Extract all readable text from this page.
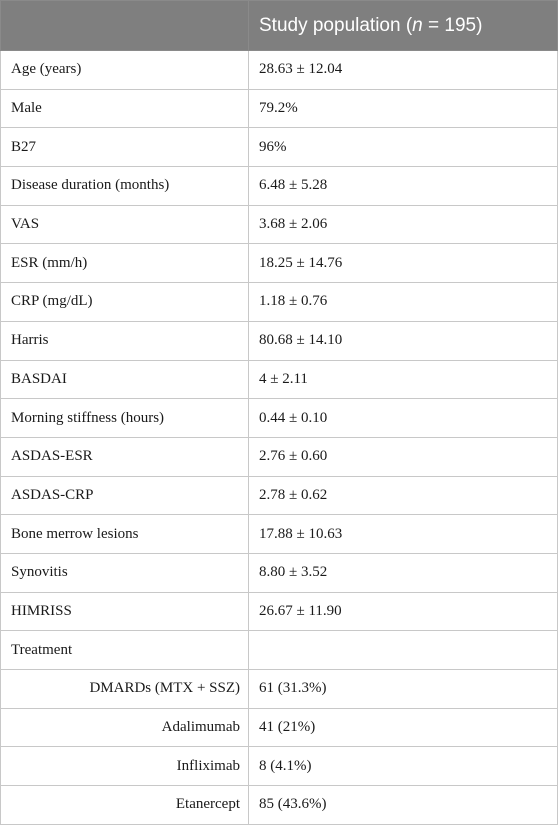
	Study population (n = 195)
Age (years)	28.63 ± 12.04
Male	79.2%
B27	96%
Disease duration (months)	6.48 ± 5.28
VAS	3.68 ± 2.06
ESR (mm/h)	18.25 ± 14.76
CRP (mg/dL)	1.18 ± 0.76
Harris	80.68 ± 14.10
BASDAI	4 ± 2.11
Morning stiffness (hours)	0.44 ± 0.10
ASDAS-ESR	2.76 ± 0.60
ASDAS-CRP	2.78 ± 0.62
Bone merrow lesions	17.88 ± 10.63
Synovitis	8.80 ± 3.52
HIMRISS	26.67 ± 11.90
Treatment	
DMARDs (MTX + SSZ)	61 (31.3%)
Adalimumab	41 (21%)
Infliximab	8 (4.1%)
Etanercept	85 (43.6%)
